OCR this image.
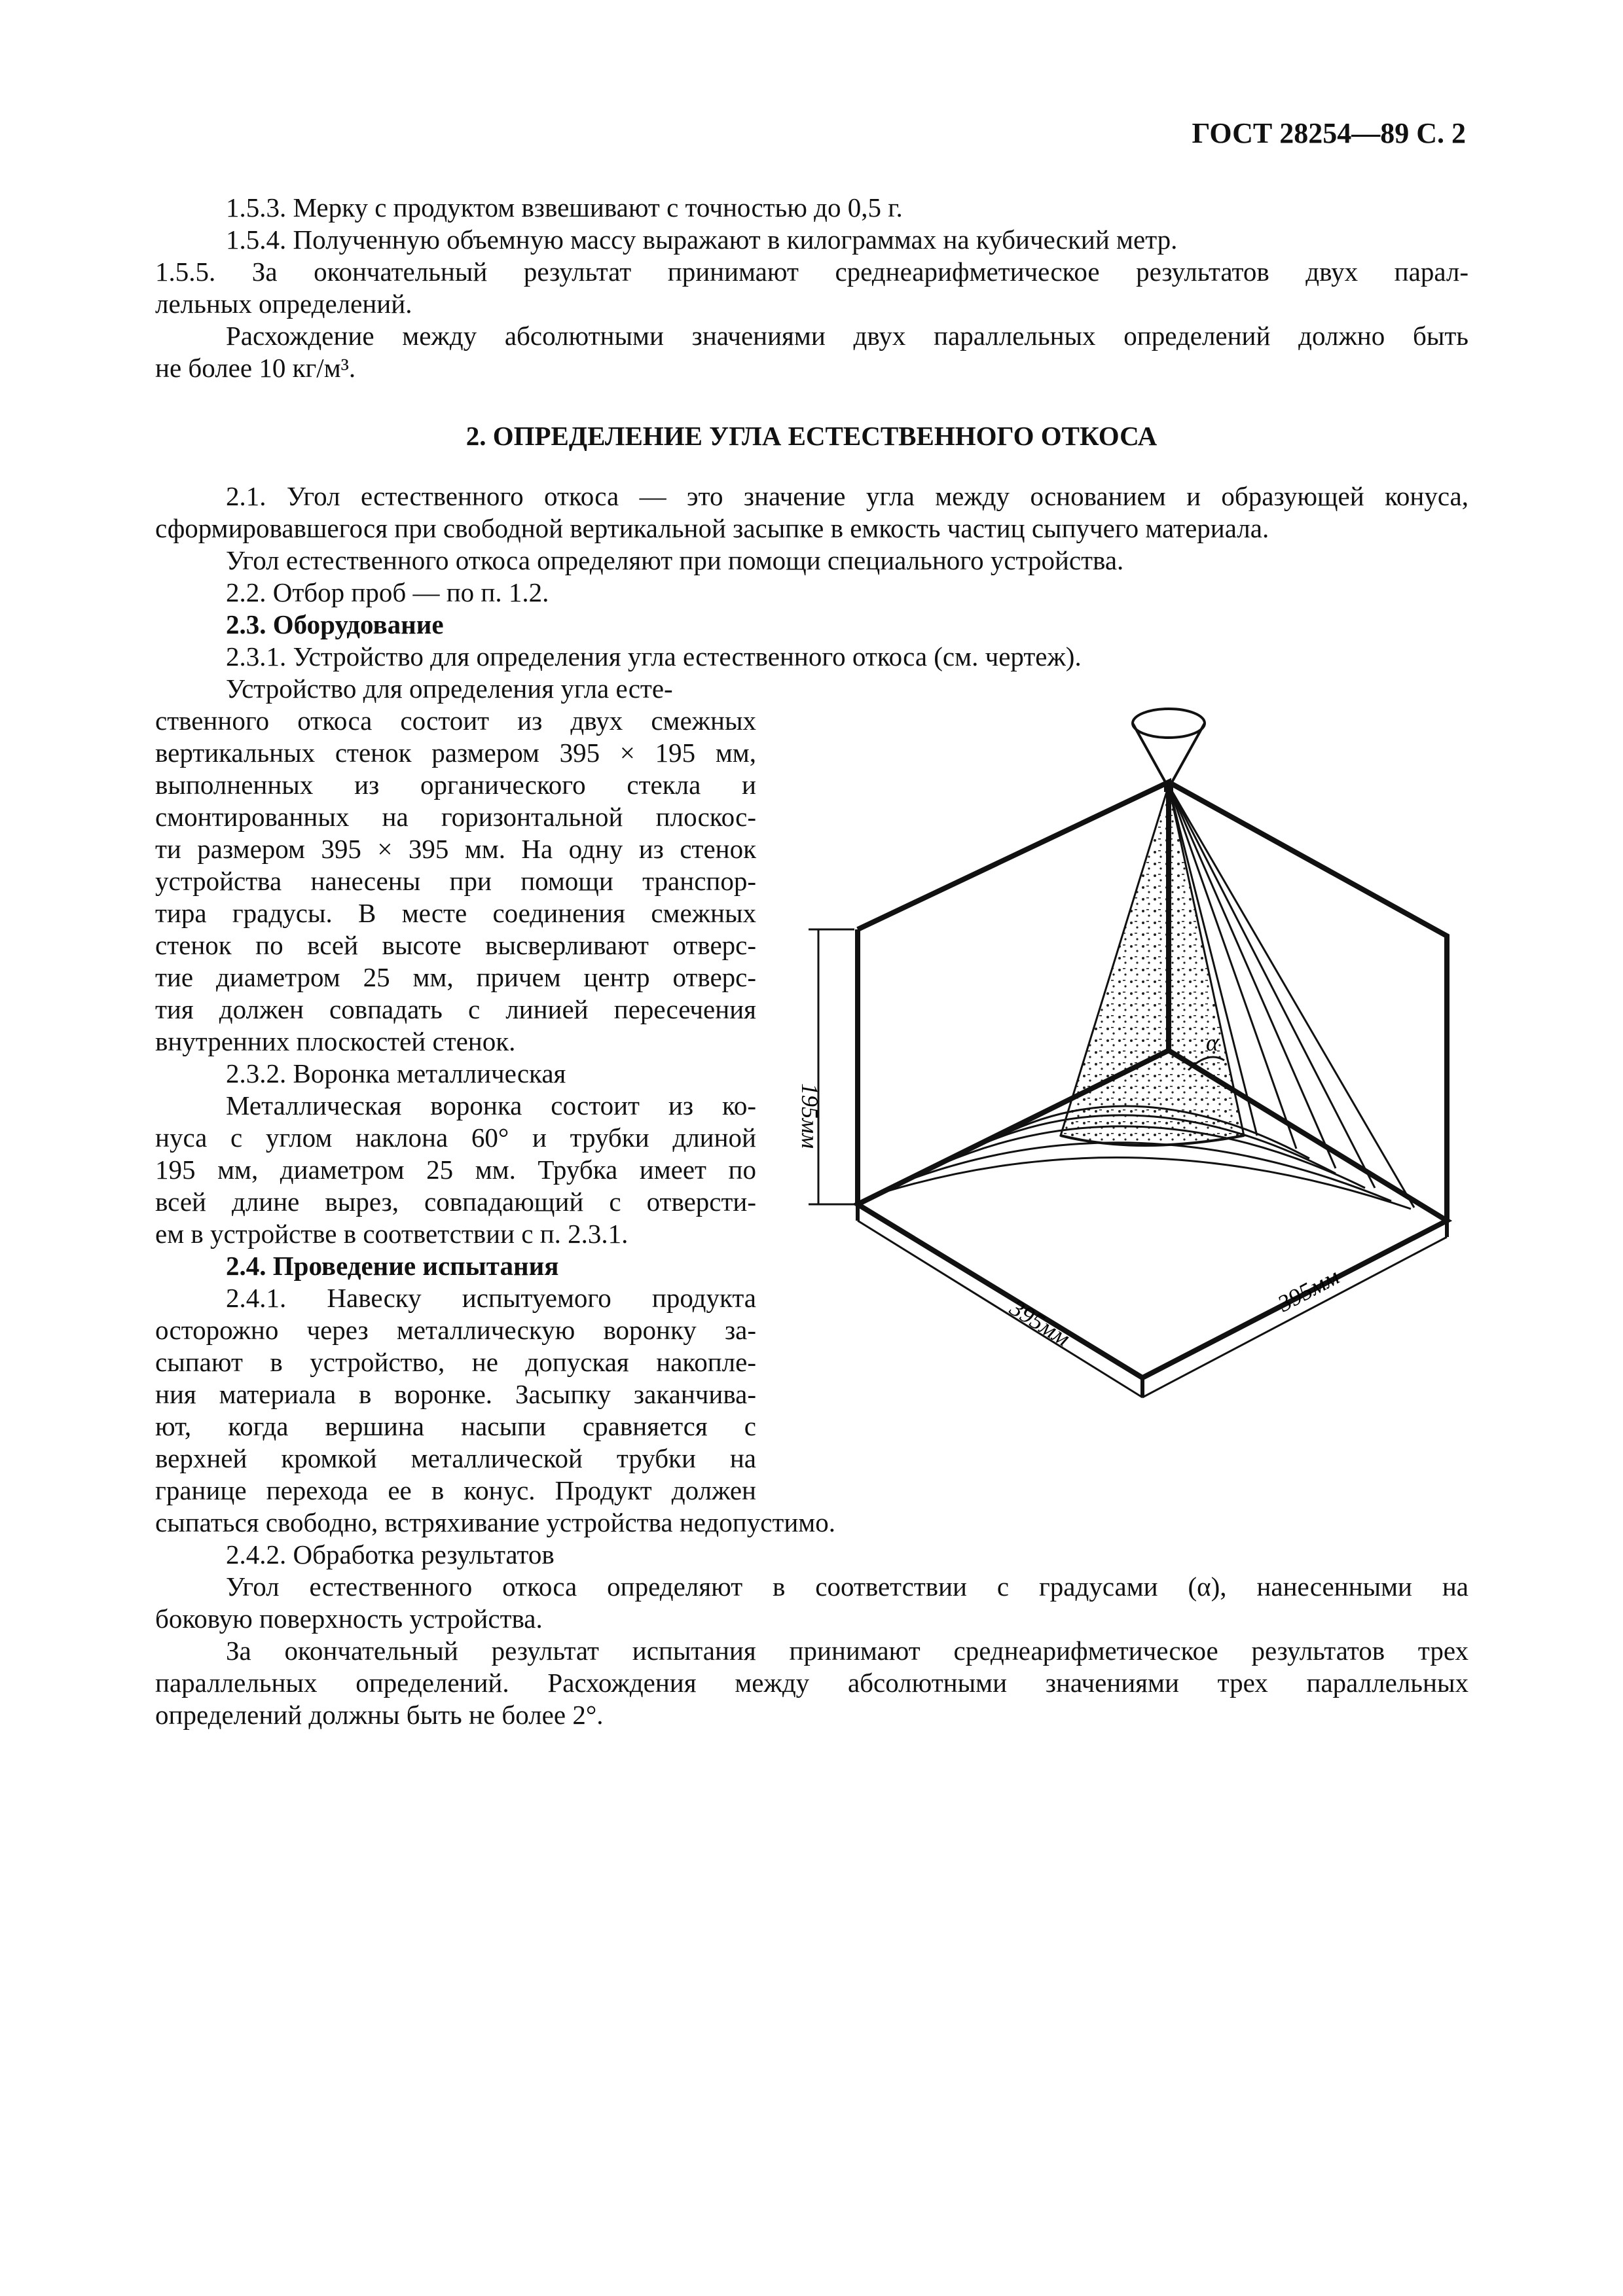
ГОСТ 28254—89 С. 2
1.5.3. Мерку с продуктом взвешивают с точностью до 0,5 г.
1.5.4. Полученную объемную массу выражают в килограммах на кубический метр.
1.5.5. За окончательный результат принимают среднеарифметическое результатов двух парал-
лельных определений.
Расхождение между абсолютными значениями двух параллельных определений должно быть
не более 10 кг/м³.
2. ОПРЕДЕЛЕНИЕ УГЛА ЕСТЕСТВЕННОГО ОТКОСА
2.1. Угол естественного откоса — это значение угла между основанием и образующей конуса,
сформировавшегося при свободной вертикальной засыпке в емкость частиц сыпучего материала.
Угол естественного откоса определяют при помощи специального устройства.
2.2. Отбор проб — по п. 1.2.
2.3. Оборудование
2.3.1. Устройство для определения угла естественного откоса (см. чертеж).
Устройство для определения угла есте-
ственного откоса состоит из двух смежных
вертикальных стенок размером 395 × 195 мм,
выполненных из органического стекла и
смонтированных на горизонтальной плоскос-
ти размером 395 × 395 мм. На одну из стенок
устройства нанесены при помощи транспор-
тира градусы. В месте соединения смежных
стенок по всей высоте высверливают отверс-
тие диаметром 25 мм, причем центр отверс-
тия должен совпадать с линией пересечения
внутренних плоскостей стенок.
2.3.2. Воронка металлическая
Металлическая воронка состоит из ко-
нуса с углом наклона 60° и трубки длиной
195 мм, диаметром 25 мм. Трубка имеет по
всей длине вырез, совпадающий с отверсти-
ем в устройстве в соответствии с п. 2.3.1.
2.4. Проведение испытания
2.4.1. Навеску испытуемого продукта
осторожно через металлическую воронку за-
сыпают в устройство, не допуская накопле-
ния материала в воронке. Засыпку заканчива-
ют, когда вершина насыпи сравняется с
верхней кромкой металлической трубки на
границе перехода ее в конус. Продукт должен
сыпаться свободно, встряхивание устройства недопустимо.
2.4.2. Обработка результатов
Угол естественного откоса определяют в соответствии с градусами (α), нанесенными на
боковую поверхность устройства.
За окончательный результат испытания принимают среднеарифметическое результатов трех
параллельных определений. Расхождения между абсолютными значениями трех параллельных
определений должны быть не более 2°.
α
195мм
395мм
395мм
